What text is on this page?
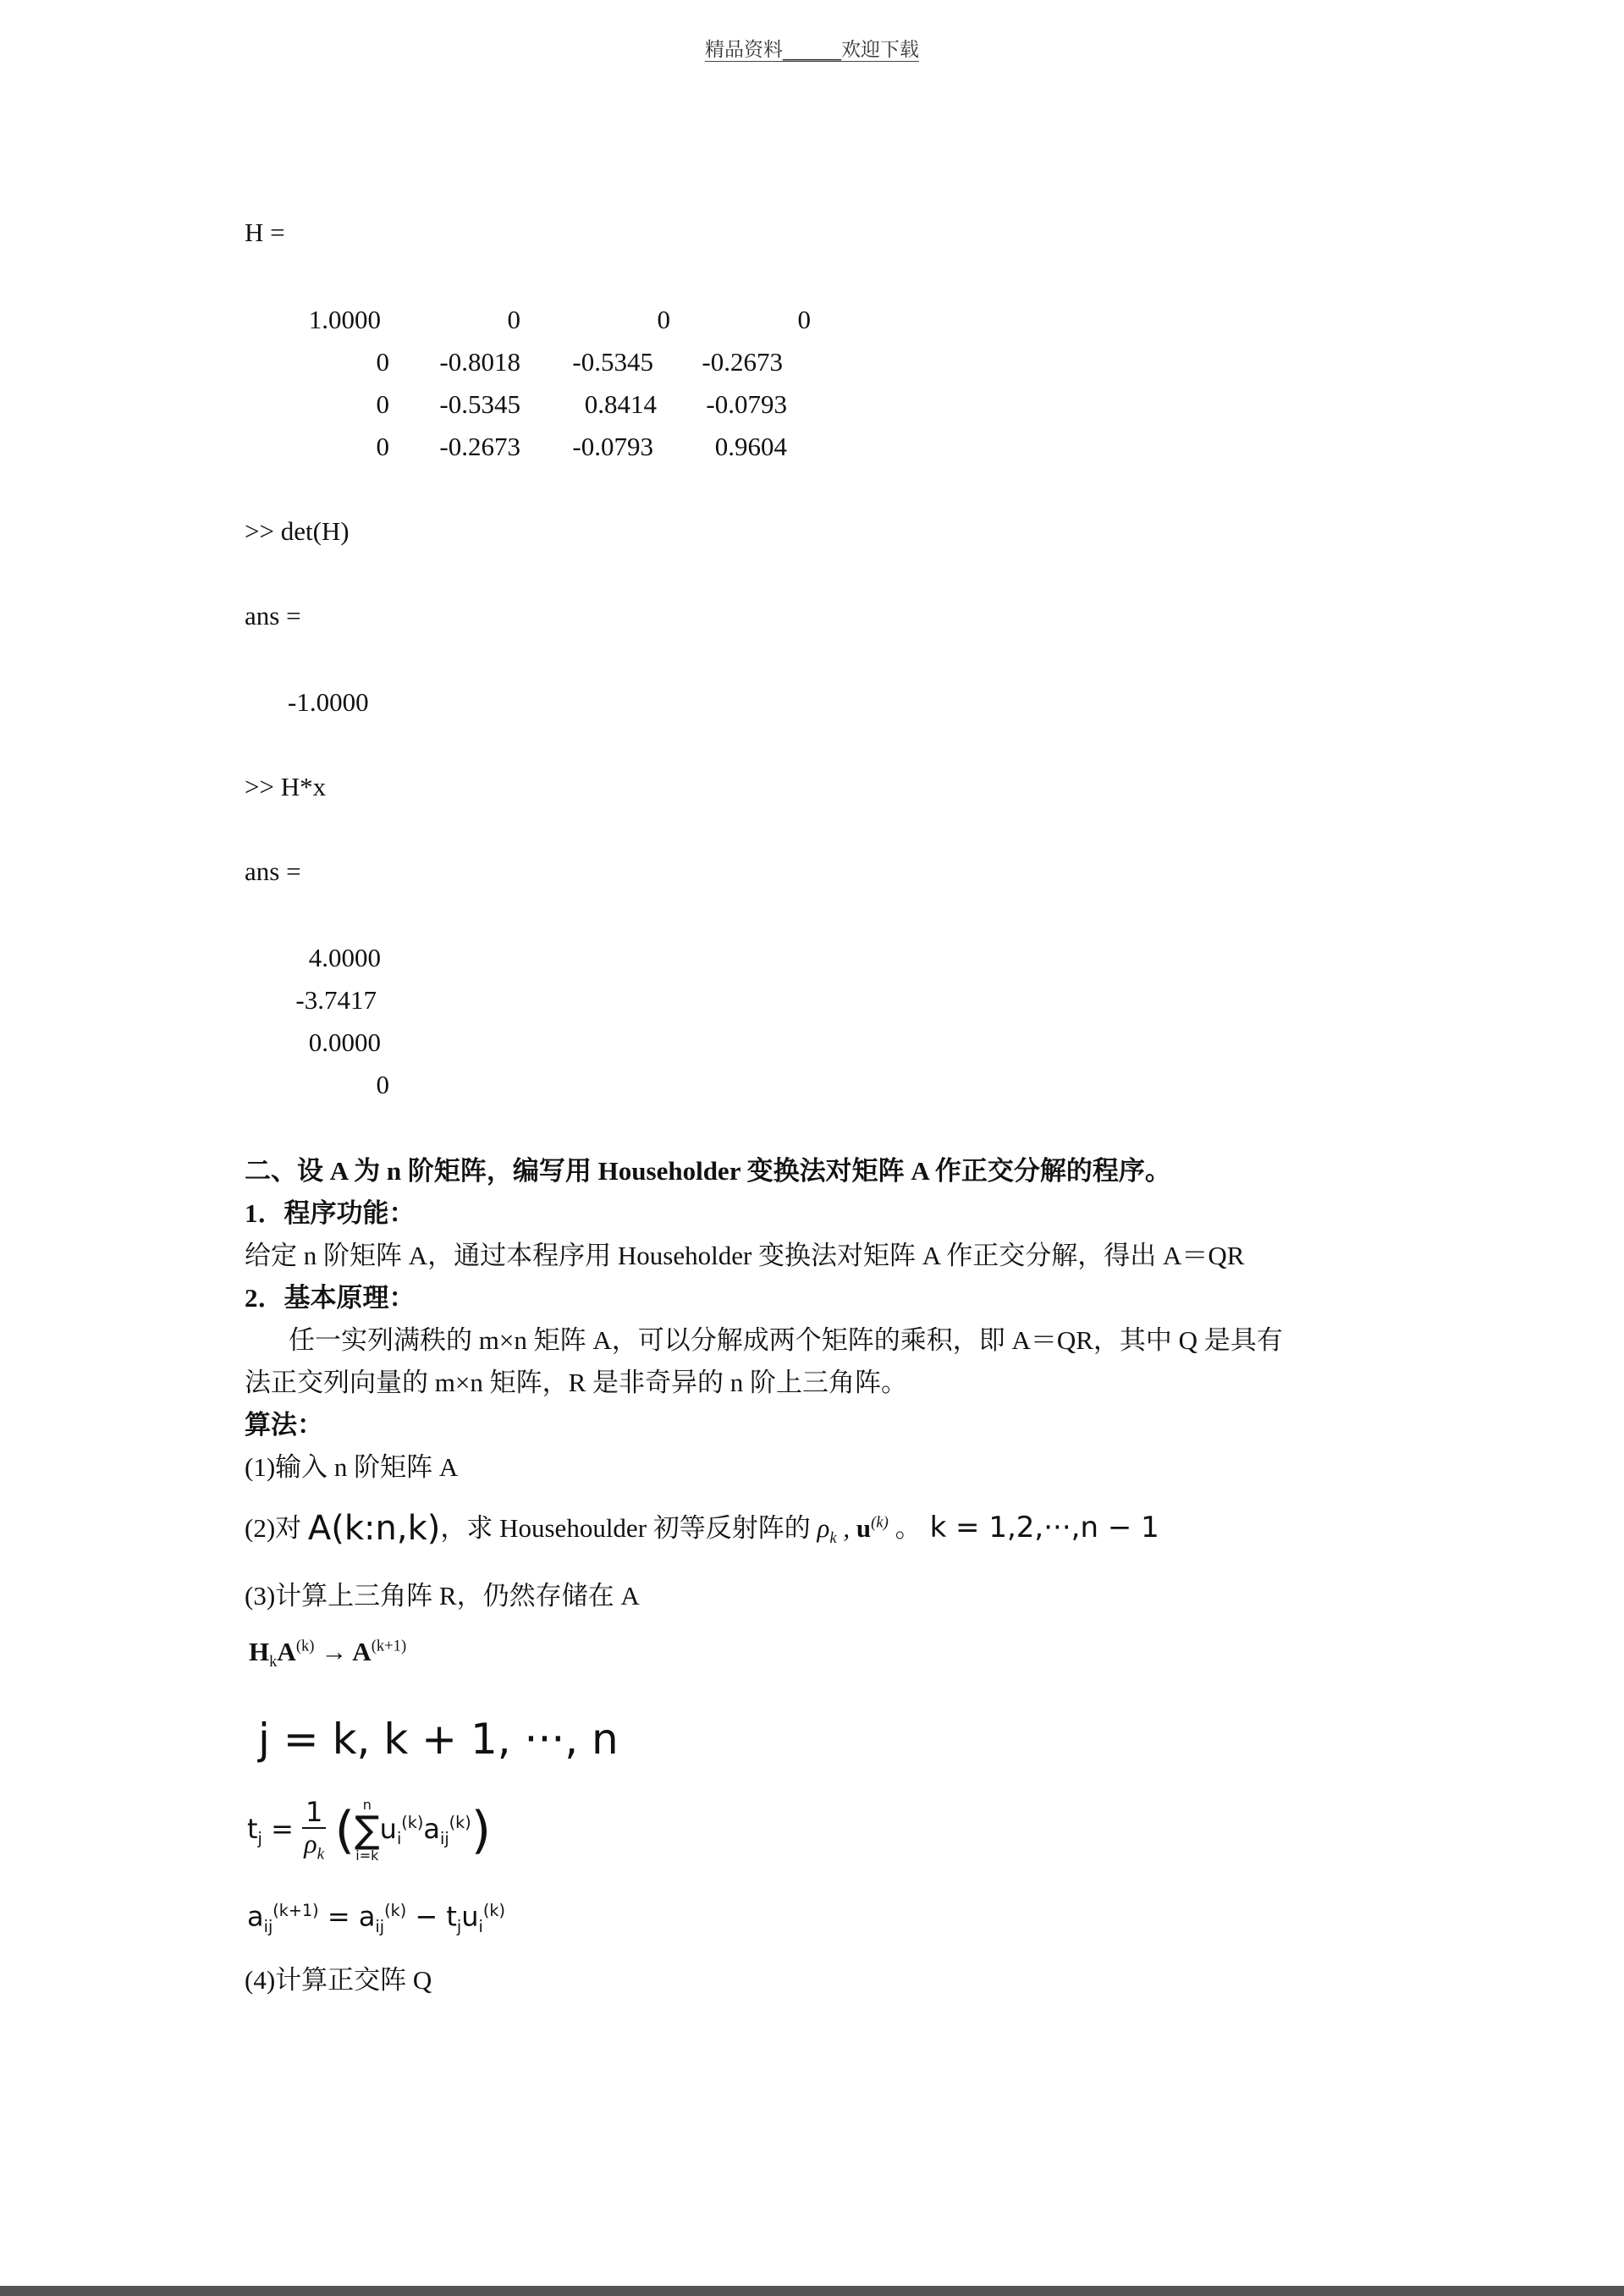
精品资料______欢迎下载
H =
1.0000	0	0	0
0	-0.8018	-0.5345	-0.2673
0	-0.5345	0.8414	-0.0793
0	-0.2673	-0.0793	0.9604
>> det(H)
ans =
-1.0000
>> H*x
ans =
4.0000
-3.7417
0.0000
0
二、设 A 为 n 阶矩阵，编写用 Householder 变换法对矩阵 A 作正交分解的程序。
1．程序功能：
给定 n 阶矩阵 A，通过本程序用 Householder 变换法对矩阵 A 作正交分解，得出 A＝QR
2．基本原理：
任一实列满秩的 m×n 矩阵 A，可以分解成两个矩阵的乘积，即 A＝QR，其中 Q 是具有
法正交列向量的 m×n 矩阵，R 是非奇异的 n 阶上三角阵。
算法：
(1)输入 n 阶矩阵 A
(2)对 A(k:n,k)，求 Househoulder 初等反射阵的 $\rho_k$ , $u^{(k)}$ 。 k = 1,2,···,n − 1
(3)计算上三角阵 R，仍然存储在 A
$H_kA^{(k)} \to A^{(k+1)}$
j = k, k + 1, ···, n
$t_j = \frac{1}{\rho_k}$ ( n
∑
i=k
$u_i^{(k)}a_{ij}^{(k)}$)
$a_{ij}^{(k+1)} = a_{ij}^{(k)} - t_ju_i^{(k)}$
(4)计算正交阵 Q
